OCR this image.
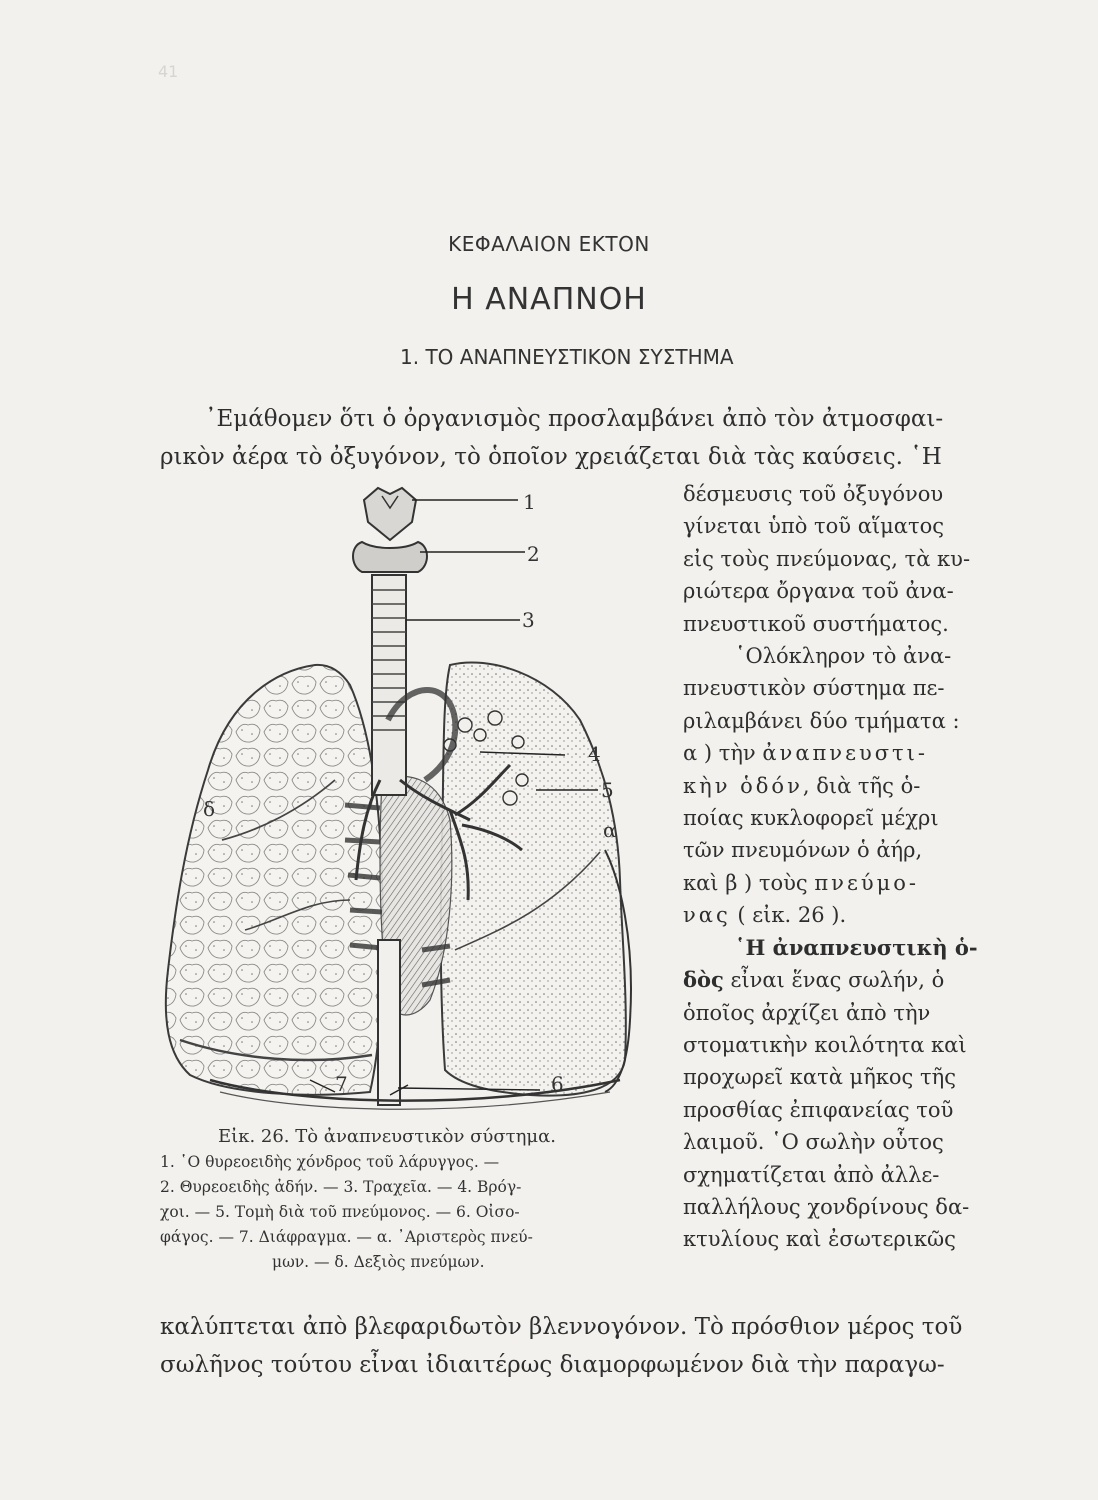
41
ΚΕΦΑΛΑΙΟΝ ΕΚΤΟΝ
Η ΑΝΑΠΝΟΗ
1. ΤΟ ΑΝΑΠΝΕΥΣΤΙΚΟΝ ΣΥΣΤΗΜΑ
᾿Εμάθομεν ὅτι ὁ ὀργανισμὸς προσλαμβάνει ἀπὸ τὸν ἀτμοσφαι-
ρικὸν ἀέρα τὸ ὀξυγόνον, τὸ ὁποῖον χρειάζεται διὰ τὰς καύσεις. ῾Η
1
2
3
4
5
α
δ
7	6
Εἰκ. 26. Τὸ ἀναπνευστικὸν σύστημα.
1. ῾Ο θυρεοειδὴς χόνδρος τοῦ λάρυγγος. —
2. Θυρεοειδὴς ἀδήν. — 3. Τραχεῖα. — 4. Βρόγ-
χοι. — 5. Τομὴ διὰ τοῦ πνεύμονος. — 6. Οἰσο-
φάγος. — 7. Διάφραγμα. — α. ᾿Αριστερὸς πνεύ-
μων. — δ. Δεξιὸς πνεύμων.

δέσμευσις τοῦ ὀξυγόνου

γίνεται ὑπὸ τοῦ αἵματος

εἰς τοὺς πνεύμονας, τὰ κυ-

ριώτερα ὄργανα τοῦ ἀνα-

πνευστικοῦ συστήματος.

῾Ολόκληρον τὸ ἀνα-

πνευστικὸν σύστημα πε-

ριλαμβάνει δύο τμήματα :

α ) τὴν ἀναπνευστι-

κὴν ὁδόν, διὰ τῆς ὁ-

ποίας κυκλοφορεῖ μέχρι

τῶν πνευμόνων ὁ ἀήρ,

καὶ β ) τοὺς πνεύμο-

νας ( εἰκ. 26 ).

῾Η ἀναπνευστικὴ ὁ-

δὸς εἶναι ἕνας σωλήν, ὁ

ὁποῖος ἀρχίζει ἀπὸ τὴν

στοματικὴν κοιλότητα καὶ

προχωρεῖ κατὰ μῆκος τῆς

προσθίας ἐπιφανείας τοῦ

λαιμοῦ. ῾Ο σωλὴν οὗτος

σχηματίζεται ἀπὸ ἀλλε-

παλλήλους χονδρίνους δα-

κτυλίους καὶ ἐσωτερικῶς

καλύπτεται ἀπὸ βλεφαριδωτὸν βλεννογόνον. Τὸ πρόσθιον μέρος τοῦ
σωλῆνος τούτου εἶναι ἰδιαιτέρως διαμορφωμένον διὰ τὴν παραγω-
